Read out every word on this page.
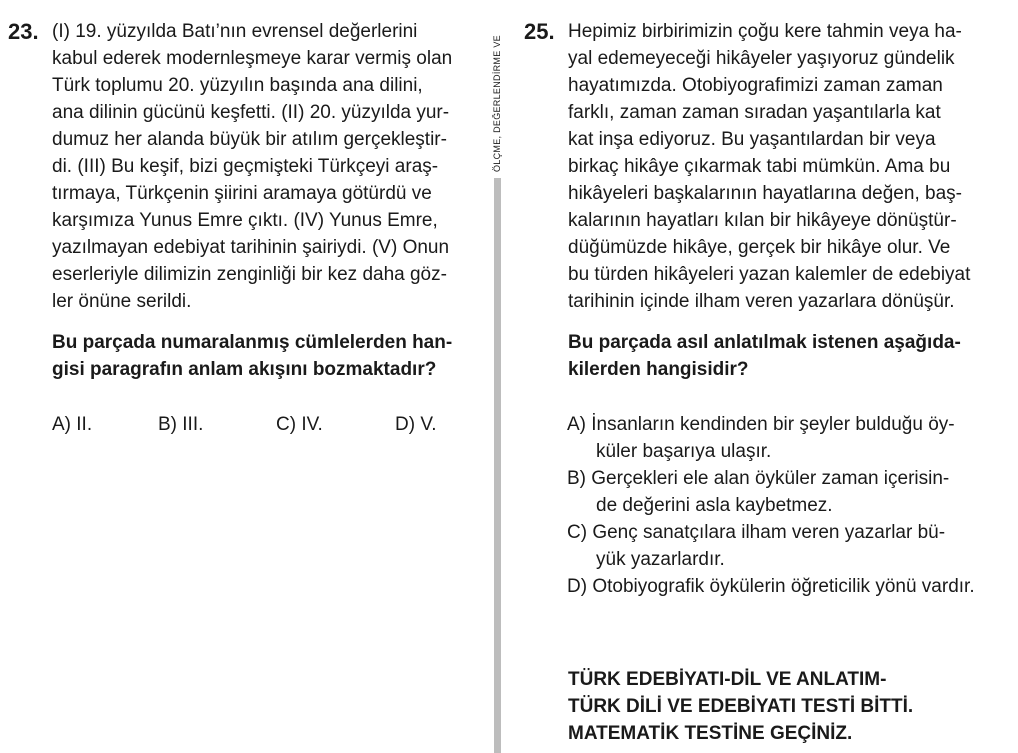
ÖLÇME, DEĞERLENDİRME VE
23. (I) 19. yüzyılda Batı’nın evrensel değerlerini
kabul ederek modernleşmeye karar vermiş olan
Türk toplumu 20. yüzyılın başında ana dilini,
ana dilinin gücünü keşfetti. (II) 20. yüzyılda yur-
dumuz her alanda büyük bir atılım gerçekleştir-
di. (III) Bu keşif, bizi geçmişteki Türkçeyi araş-
tırmaya, Türkçenin şiirini aramaya götürdü ve
karşımıza Yunus Emre çıktı. (IV) Yunus Emre,
yazılmayan edebiyat tarihinin şairiydi. (V) Onun
eserleriyle dilimizin zenginliği bir kez daha göz-
ler önüne serildi.
Bu parçada numaralanmış cümlelerden han-
gisi paragrafın anlam akışını bozmaktadır?
A) II.	B) III.	C) IV.	D) V.
25. Hepimiz birbirimizin çoğu kere tahmin veya ha-
yal edemeyeceği hikâyeler yaşıyoruz gündelik
hayatımızda. Otobiyografimizi zaman zaman
farklı, zaman zaman sıradan yaşantılarla kat
kat inşa ediyoruz. Bu yaşantılardan bir veya
birkaç hikâye çıkarmak tabi mümkün. Ama bu
hikâyeleri başkalarının hayatlarına değen, baş-
kalarının hayatları kılan bir hikâyeye dönüştür-
düğümüzde hikâye, gerçek bir hikâye olur. Ve
bu türden hikâyeleri yazan kalemler de edebiyat
tarihinin içinde ilham veren yazarlara dönüşür.
Bu parçada asıl anlatılmak istenen aşağıda-
kilerden hangisidir?
A) İnsanların kendinden bir şeyler bulduğu öy-
küler başarıya ulaşır.
B) Gerçekleri ele alan öyküler zaman içerisin-
de değerini asla kaybetmez.
C) Genç sanatçılara ilham veren yazarlar bü-
yük yazarlardır.
D) Otobiyografik öykülerin öğreticilik yönü vardır.
TÜRK EDEBİYATI-DİL VE ANLATIM-
TÜRK DİLİ VE EDEBİYATI TESTİ BİTTİ.
MATEMATİK TESTİNE GEÇİNİZ.
